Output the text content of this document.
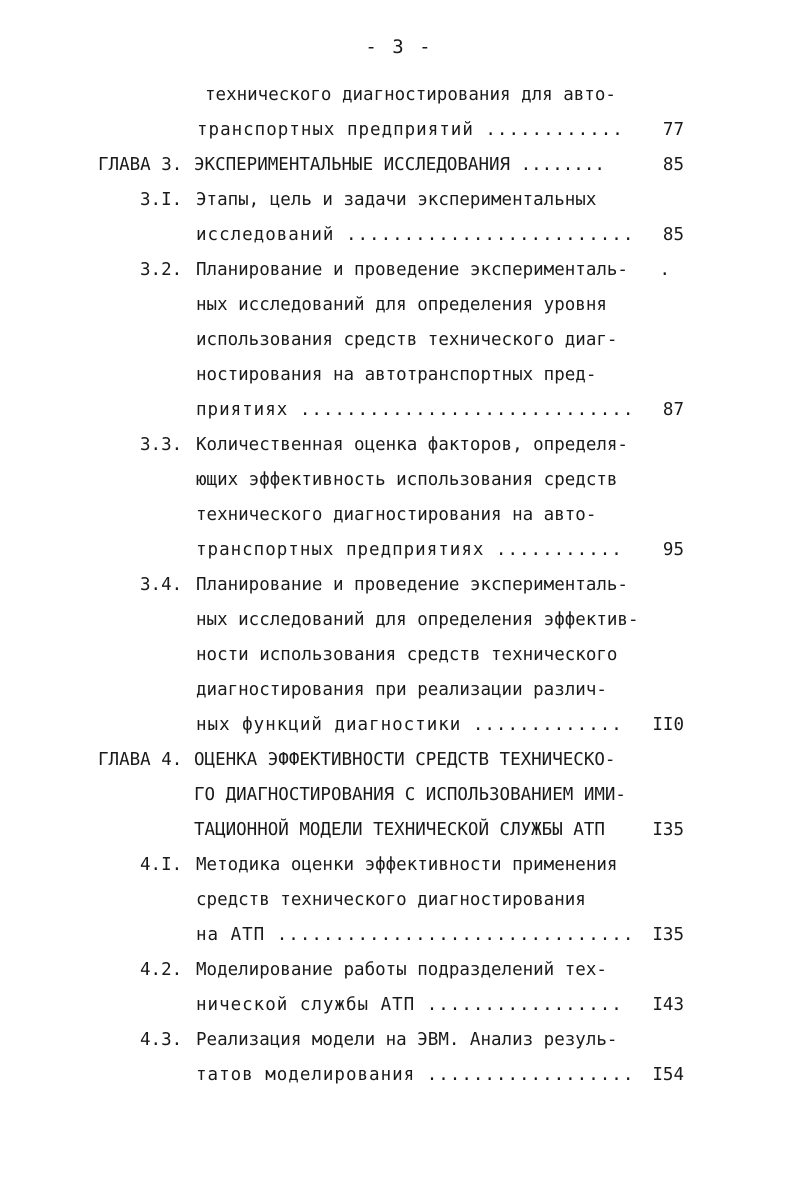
- 3 -
технического диагностирования для авто-
транспортных предприятий ............ 77
ГЛАВА 3. ЭКСПЕРИМЕНТАЛЬНЫЕ ИССЛЕДОВАНИЯ ........	85
3.I. Этапы, цель и задачи экспериментальных
исследований ......................... 85
3.2. Планирование и проведение эксперименталь- .
ных исследований для определения уровня
использования средств технического диаг-
ностирования на автотранспортных пред-
приятиях ............................. 87
3.3. Количественная оценка факторов, определя-
ющих эффективность использования средств
технического диагностирования на авто-
транспортных предприятиях ........... 95
3.4. Планирование и проведение эксперименталь-
ных исследований для определения эффектив-
ности использования средств технического
диагностирования при реализации различ-
ных функций диагностики ............. II0
ГЛАВА 4. ОЦЕНКА ЭФФЕКТИВНОСТИ СРЕДСТВ ТЕХНИЧЕСКО-
ГО ДИАГНОСТИРОВАНИЯ С ИСПОЛЬЗОВАНИЕМ ИМИ-
ТАЦИОННОЙ МОДЕЛИ ТЕХНИЧЕСКОЙ СЛУЖБЫ АТП	I35
4.I. Методика оценки эффективности применения
средств технического диагностирования
на АТП ............................... I35
4.2. Моделирование работы подразделений тех-
нической службы АТП ................. I43
4.3. Реализация модели на ЭВМ. Анализ резуль-
татов моделирования .................. I54
